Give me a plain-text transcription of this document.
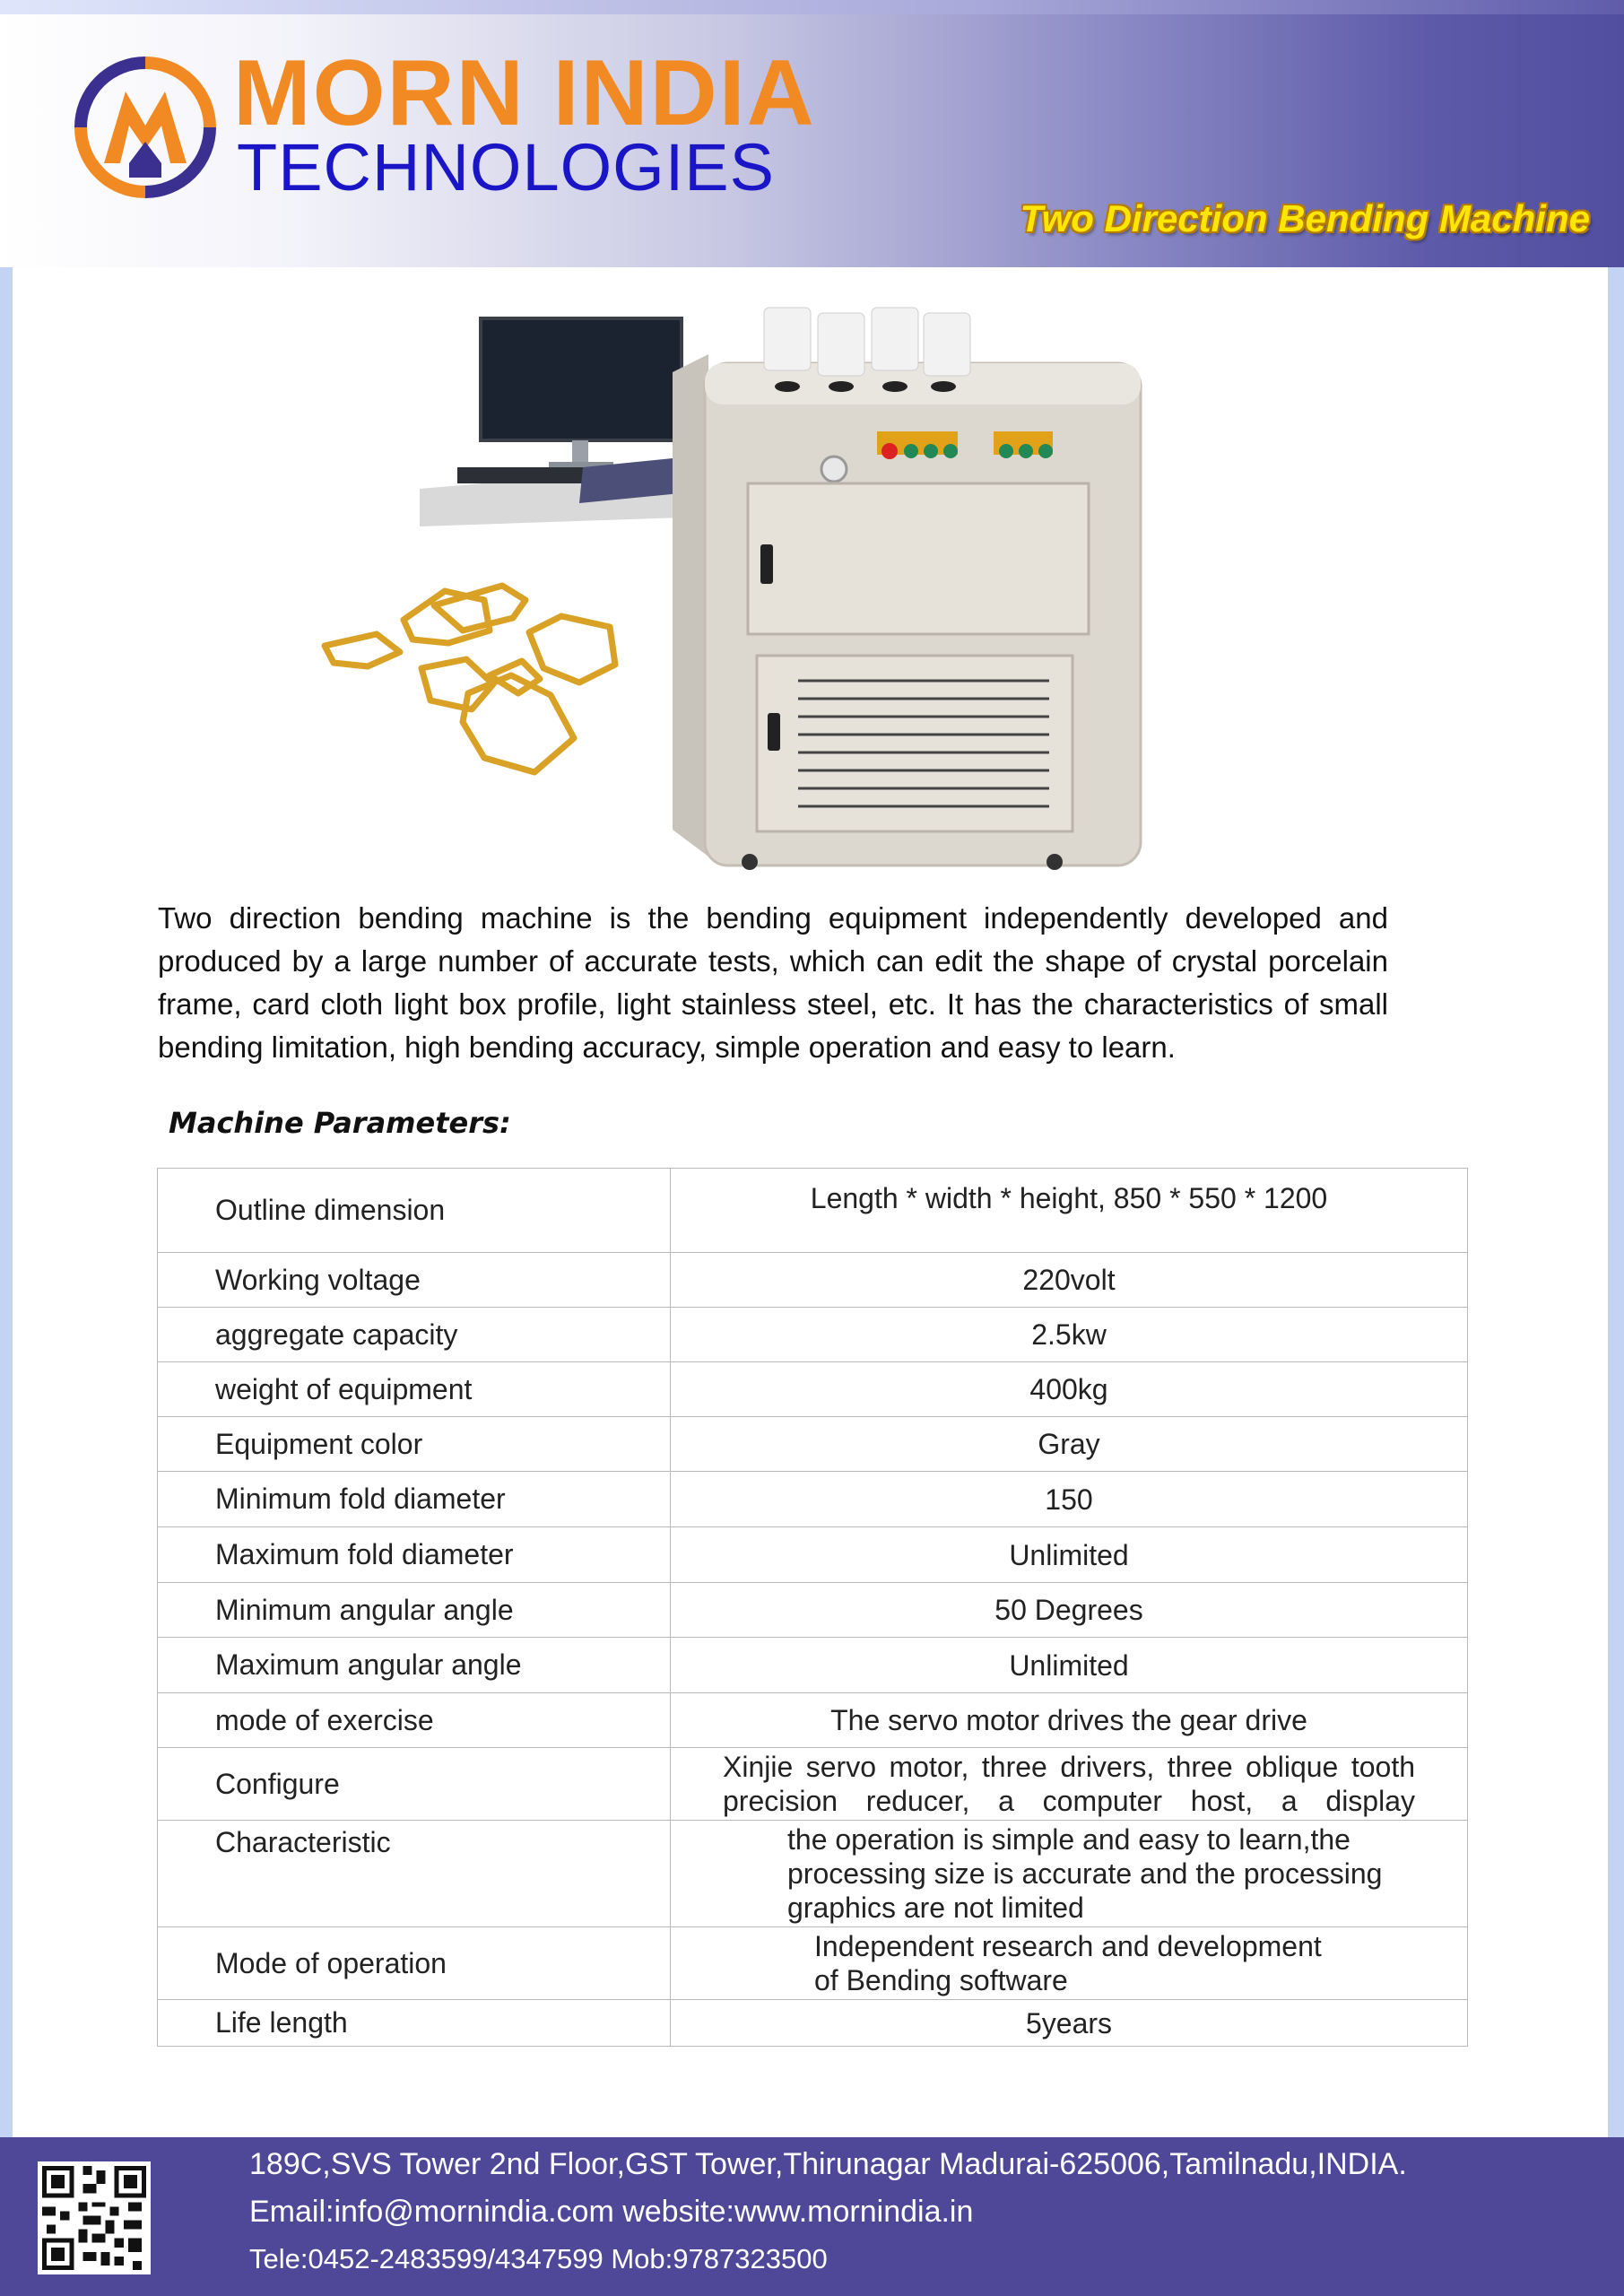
MORN INDIA
TECHNOLOGIES
Two Direction Bending Machine

Two direction bending machine is the bending equipment independently developed and produced by a large number of accurate tests, which can edit the shape of crystal porcelain frame, card cloth light box profile, light stainless steel, etc. It has the characteristics of small bending limitation, high bending accuracy, simple operation and easy to learn.

Machine Parameters:
Outline dimension	Length * width * height, 850 * 550 * 1200
Working voltage	220volt
aggregate capacity	2.5kw
weight of equipment	400kg
Equipment color	Gray
Minimum fold diameter	150
Maximum fold diameter	Unlimited
Minimum angular angle	50 Degrees
Maximum angular angle	Unlimited
mode of exercise	The servo motor drives the gear drive
Configure	Xinjie servo motor, three drivers, three oblique tooth precision reducer, a computer host, a display
Characteristic	the operation is simple and easy to learn,the processing size is accurate and the processing graphics are not limited
Mode of operation	Independent research and development of Bending software
Life length	5years
189C,SVS Tower 2nd Floor,GST Tower,Thirunagar Madurai-625006,Tamilnadu,INDIA.
Email:info@mornindia.com website:www.mornindia.in
Tele:0452-2483599/4347599 Mob:9787323500
